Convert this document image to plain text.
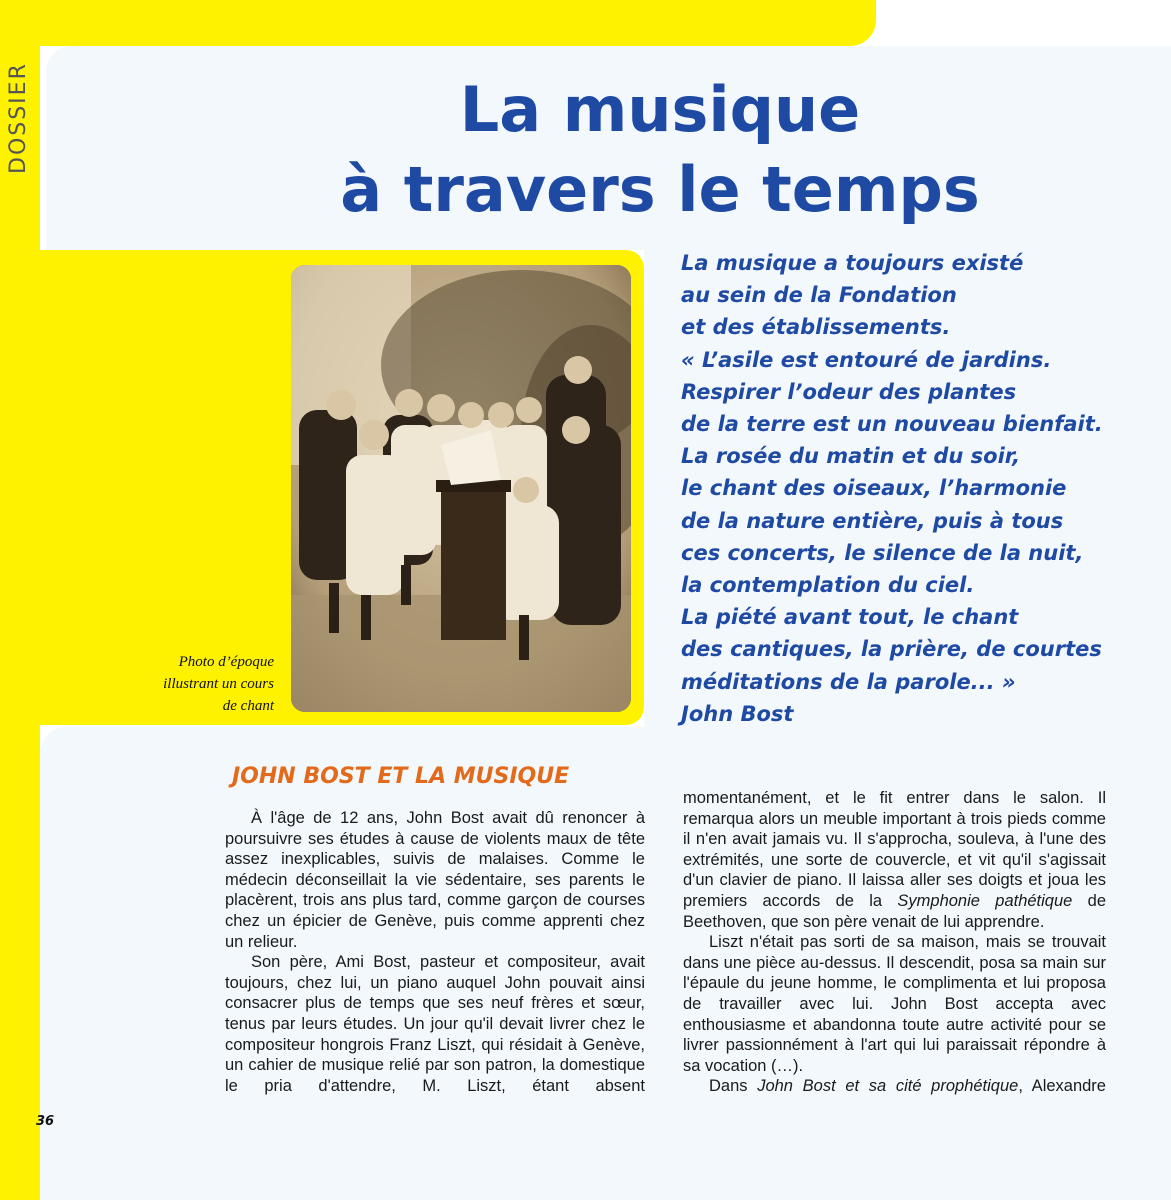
DOSSIER	La musique
à travers le temps

Photo d’époque
illustrant un cours
de chant

La musique a toujours existé
au sein de la Fondation
et des établissements.
« L’asile est entouré de jardins.
Respirer l’odeur des plantes
de la terre est un nouveau bienfait.
La rosée du matin et du soir,
le chant des oiseaux, l’harmonie
de la nature entière, puis à tous
ces concerts, le silence de la nuit,
la contemplation du ciel.
La piété avant tout, le chant
des cantiques, la prière, de courtes
méditations de la parole... »
John Bost
JOHN BOST ET LA MUSIQUE

À l'âge de 12 ans, John Bost avait dû renoncer à poursuivre ses études à cause de violents maux de tête assez inexplicables, suivis de malaises. Comme le médecin déconseillait la vie sédentaire, ses parents le placèrent, trois ans plus tard, comme garçon de courses chez un épicier de Genève, puis comme apprenti chez un relieur.

Son père, Ami Bost, pasteur et compositeur, avait toujours, chez lui, un piano auquel John pouvait ainsi consacrer plus de temps que ses neuf frères et sœur, tenus par leurs études. Un jour qu'il devait livrer chez le compositeur hongrois Franz Liszt, qui résidait à Genève, un cahier de musique relié par son patron, la domestique le pria d'attendre, M. Liszt, étant absent

momentanément, et le fit entrer dans le salon. Il remarqua alors un meuble important à trois pieds comme il n'en avait jamais vu. Il s'approcha, souleva, à l'une des extrémités, une sorte de couvercle, et vit qu'il s'agissait d'un clavier de piano. Il laissa aller ses doigts et joua les premiers accords de la Symphonie pathétique de Beethoven, que son père venait de lui apprendre.

Liszt n'était pas sorti de sa maison, mais se trouvait dans une pièce au-dessus. Il descendit, posa sa main sur l'épaule du jeune homme, le complimenta et lui proposa de travailler avec lui. John Bost accepta avec enthousiasme et abandonna toute autre activité pour se livrer passionnément à l'art qui lui paraissait répondre à sa vocation (…).

Dans John Bost et sa cité prophétique, Alexandre

36
